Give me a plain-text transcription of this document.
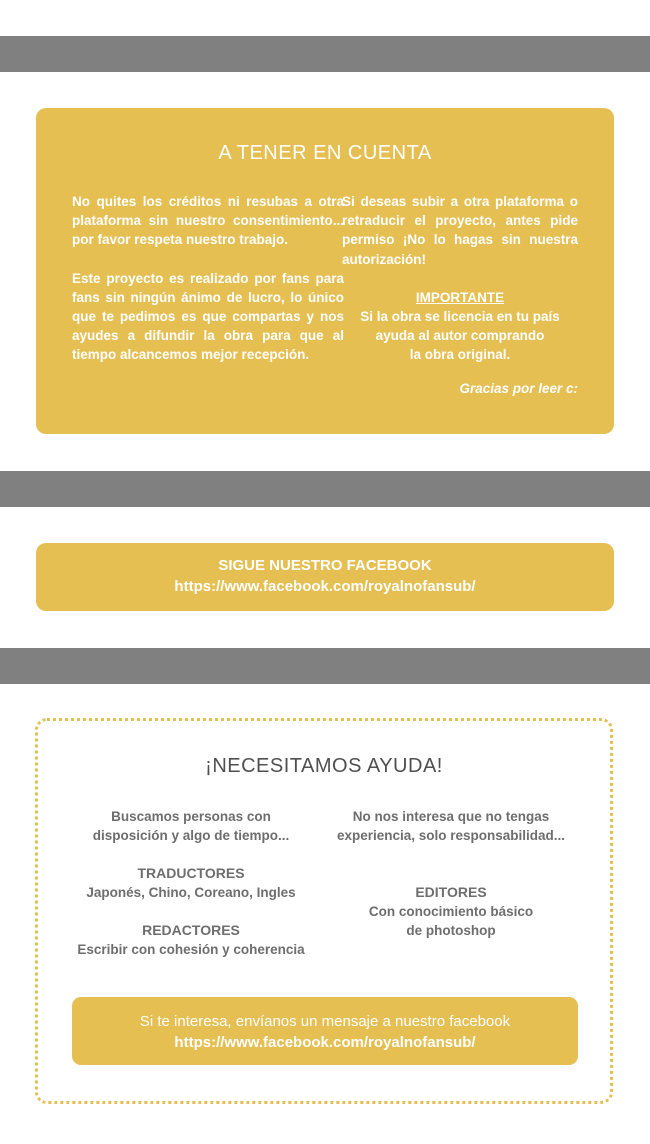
A TENER EN CUENTA

No quites los créditos ni resubas a otra plataforma sin nuestro consentimiento... por favor respeta nuestro trabajo.

Este proyecto es realizado por fans para fans sin ningún ánimo de lucro, lo único que te pedimos es que compartas y nos ayudes a difundir la obra para que al tiempo alcancemos mejor recepción.

Si deseas subir a otra plataforma o retraducir el proyecto, antes pide permiso ¡No lo hagas sin nuestra autorización!

IMPORTANTE
Si la obra se licencia en tu país
ayuda al autor comprando
la obra original.
Gracias por leer c:
SIGUE NUESTRO FACEBOOK
https://www.facebook.com/royalnofansub/
¡NECESITAMOS AYUDA!
Buscamos personas con
disposición y algo de tiempo...
TRADUCTORES
Japonés, Chino, Coreano, Ingles
REDACTORES
Escribir con cohesión y coherencia
No nos interesa que no tengas
experiencia, solo responsabilidad...
EDITORES
Con conocimiento básico
de photoshop
Si te interesa, envíanos un mensaje a nuestro facebook
https://www.facebook.com/royalnofansub/
